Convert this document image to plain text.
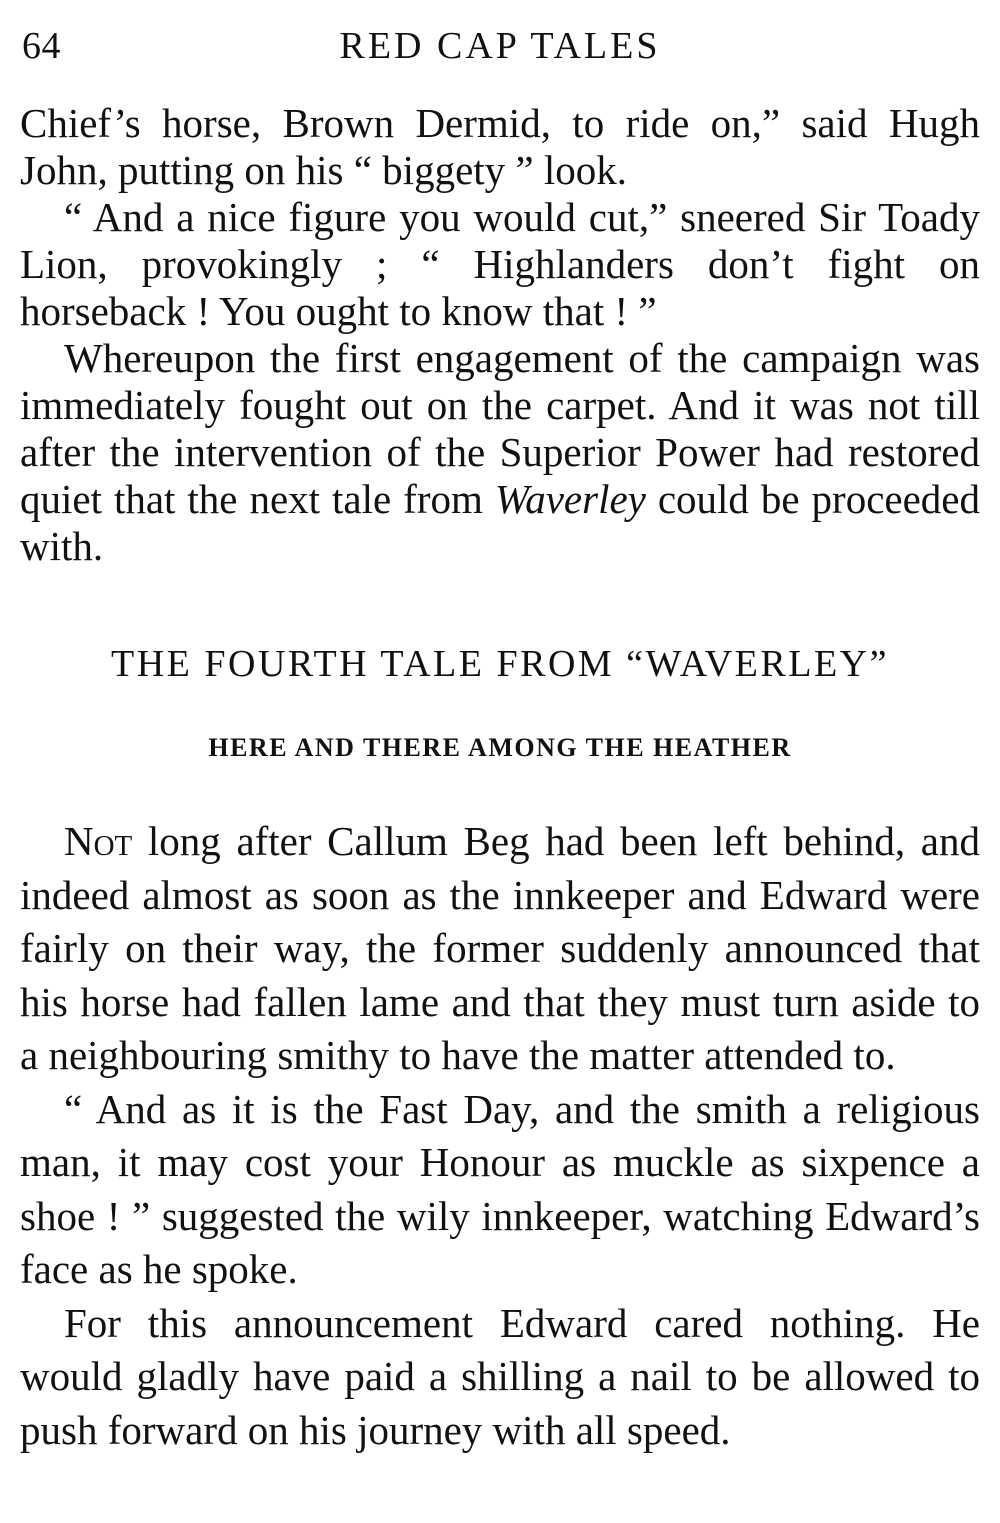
64	RED CAP TALES

Chief’s horse, Brown Dermid, to ride on,” said Hugh John, putting on his “ biggety ” look.

“ And a nice figure you would cut,” sneered Sir Toady Lion, provokingly ; “ Highlanders don’t fight on horseback ! You ought to know that ! ”

Whereupon the first engagement of the campaign was immediately fought out on the carpet. And it was not till after the intervention of the Superior Power had restored quiet that the next tale from Waverley could be proceeded with.

THE FOURTH TALE FROM “WAVERLEY”
HERE AND THERE AMONG THE HEATHER

Not long after Callum Beg had been left behind, and indeed almost as soon as the innkeeper and Edward were fairly on their way, the former suddenly announced that his horse had fallen lame and that they must turn aside to a neighbouring smithy to have the matter attended to.

“ And as it is the Fast Day, and the smith a religious man, it may cost your Honour as muckle as sixpence a shoe ! ” suggested the wily innkeeper, watching Edward’s face as he spoke.

For this announcement Edward cared nothing. He would gladly have paid a shilling a nail to be allowed to push forward on his journey with all speed.
